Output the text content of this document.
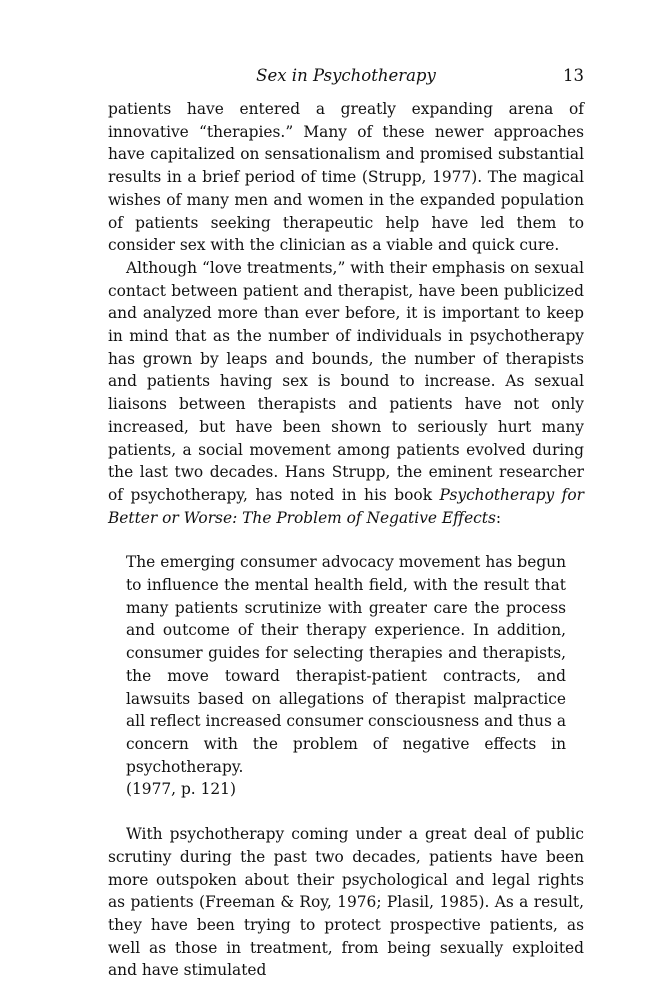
Sex in Psychotherapy	13

patients have entered a greatly expanding arena of innovative “therapies.” Many of these newer approaches have capitalized on sensationalism and promised substantial results in a brief period of time (Strupp, 1977). The magical wishes of many men and women in the expanded population of patients seeking therapeutic help have led them to consider sex with the clinician as a viable and quick cure.

Although “love treatments,” with their emphasis on sexual contact between patient and therapist, have been publicized and analyzed more than ever before, it is important to keep in mind that as the number of individuals in psychotherapy has grown by leaps and bounds, the number of therapists and patients having sex is bound to increase. As sexual liaisons between therapists and patients have not only increased, but have been shown to seriously hurt many patients, a social movement among patients evolved during the last two decades. Hans Strupp, the eminent researcher of psychotherapy, has noted in his book Psychotherapy for Better or Worse: The Problem of Negative Effects:

The emerging consumer advocacy movement has begun to influence the mental health field, with the result that many patients scrutinize with greater care the process and outcome of their therapy experience. In addition, consumer guides for selecting therapies and therapists, the move toward therapist-patient contracts, and lawsuits based on allegations of therapist malpractice all reflect increased consumer consciousness and thus a concern with the problem of negative effects in psychotherapy.
(1977, p. 121)

With psychotherapy coming under a great deal of public scrutiny during the past two decades, patients have been more outspoken about their psychological and legal rights as patients (Freeman & Roy, 1976; Plasil, 1985). As a result, they have been trying to protect prospective patients, as well as those in treatment, from being sexually exploited and have stimulated
